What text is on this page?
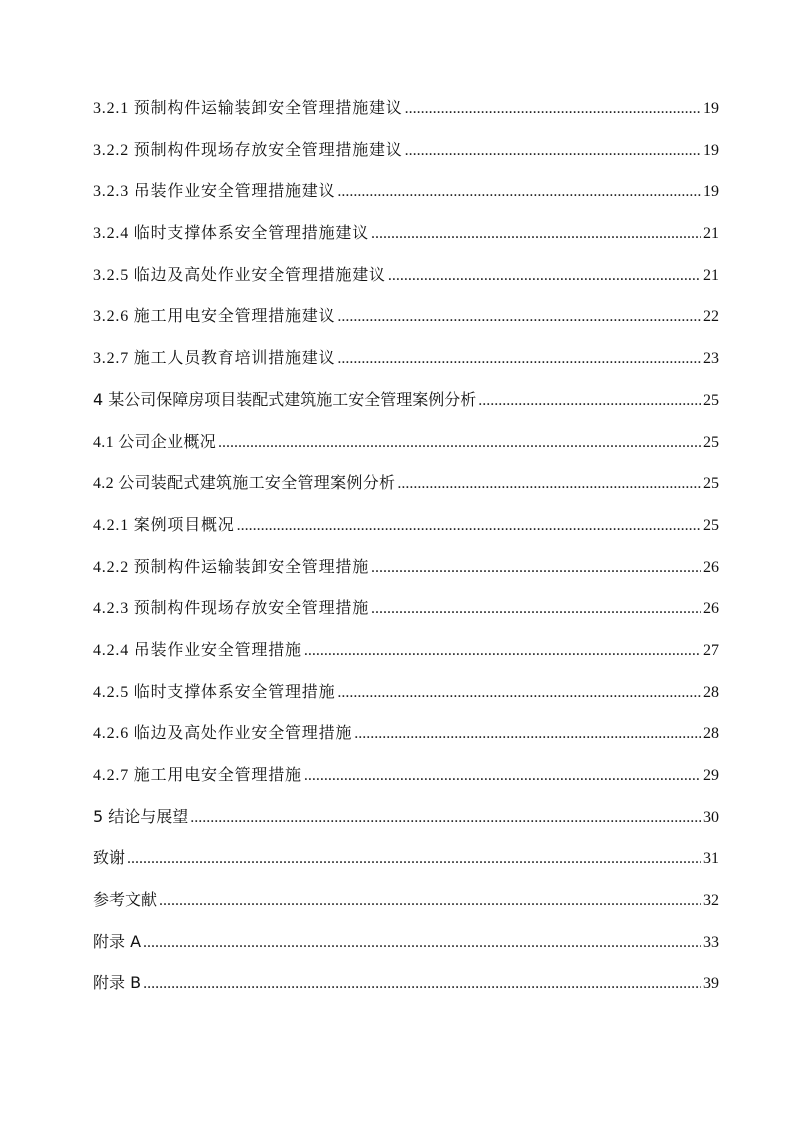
3.2.1 预制构件运输装卸安全管理措施建议 .....	19
3.2.2 预制构件现场存放安全管理措施建议 .....	19
3.2.3 吊装作业安全管理措施建议 .....	19
3.2.4 临时支撑体系安全管理措施建议 .....	21
3.2.5 临边及高处作业安全管理措施建议 .....	21
3.2.6 施工用电安全管理措施建议 .....	22
3.2.7 施工人员教育培训措施建议 .....	23
4 某公司保障房项目装配式建筑施工安全管理案例分析 .....	25
4.1 公司企业概况 .....	25
4.2 公司装配式建筑施工安全管理案例分析 .....	25
4.2.1 案例项目概况 .....	25
4.2.2 预制构件运输装卸安全管理措施 .....	26
4.2.3 预制构件现场存放安全管理措施 .....	26
4.2.4 吊装作业安全管理措施 .....	27
4.2.5 临时支撑体系安全管理措施 .....	28
4.2.6 临边及高处作业安全管理措施 .....	28
4.2.7 施工用电安全管理措施 .....	29
5 结论与展望 .....	30
致谢 .....	31
参考文献 .....	32
附录 A .....	33
附录 B .....	39
